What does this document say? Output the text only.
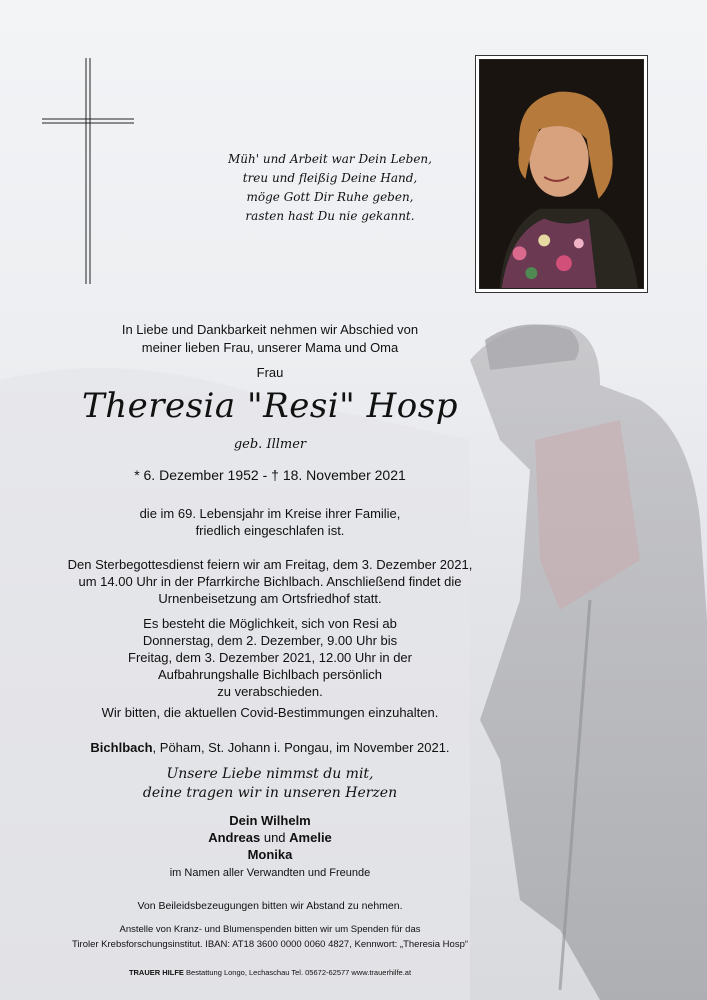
Müh' und Arbeit war Dein Leben,
treu und fleißig Deine Hand,
möge Gott Dir Ruhe geben,
rasten hast Du nie gekannt.
In Liebe und Dankbarkeit nehmen wir Abschied von
meiner lieben Frau, unserer Mama und Oma
Frau
Theresia "Resi" Hosp
geb. Illmer
* 6. Dezember 1952 - † 18. November 2021
die im 69. Lebensjahr im Kreise ihrer Familie,
friedlich eingeschlafen ist.
Den Sterbegottesdienst feiern wir am Freitag, dem 3. Dezember 2021,
um 14.00 Uhr in der Pfarrkirche Bichlbach. Anschließend findet die
Urnenbeisetzung am Ortsfriedhof statt.
Es besteht die Möglichkeit, sich von Resi ab
Donnerstag, dem 2. Dezember, 9.00 Uhr bis
Freitag, dem 3. Dezember 2021, 12.00 Uhr in der
Aufbahrungshalle Bichlbach persönlich
zu verabschieden.
Wir bitten, die aktuellen Covid-Bestimmungen einzuhalten.
Bichlbach, Pöham, St. Johann i. Pongau, im November 2021.
Unsere Liebe nimmst du mit,
deine tragen wir in unseren Herzen
Dein Wilhelm
Andreas und Amelie
Monika
im Namen aller Verwandten und Freunde
Von Beileidsbezeugungen bitten wir Abstand zu nehmen.
Anstelle von Kranz- und Blumenspenden bitten wir um Spenden für das
Tiroler Krebsforschungsinstitut. IBAN: AT18 3600 0000 0060 4827, Kennwort: „Theresia Hosp“
TRAUER HILFE Bestattung Longo, Lechaschau Tel. 05672-62577 www.trauerhilfe.at
